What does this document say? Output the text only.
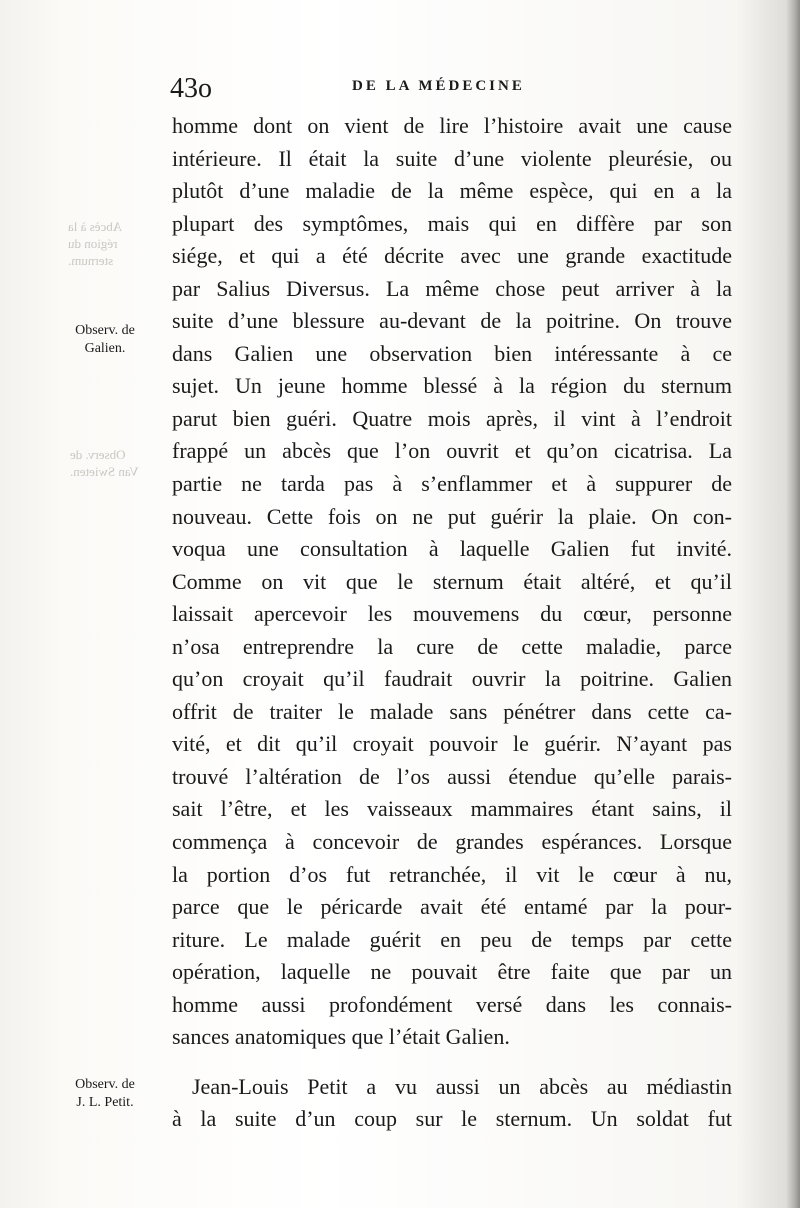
Abcès à la
région du
sternum.
Observ. de
Van Swieten.
43o	DE LA MÉDECINE
Observ. de
Galien.
Observ. de
J. L. Petit.
homme dont on vient de lire l’histoire avait une cause
intérieure. Il était la suite d’une violente pleurésie, ou
plutôt d’une maladie de la même espèce, qui en a la
plupart des symptômes, mais qui en diffère par son
siége, et qui a été décrite avec une grande exactitude
par Salius Diversus. La même chose peut arriver à la
suite d’une blessure au-devant de la poitrine. On trouve
dans Galien une observation bien intéressante à ce
sujet. Un jeune homme blessé à la région du sternum
parut bien guéri. Quatre mois après, il vint à l’endroit
frappé un abcès que l’on ouvrit et qu’on cicatrisa. La
partie ne tarda pas à s’enflammer et à suppurer de
nouveau. Cette fois on ne put guérir la plaie. On con-
voqua une consultation à laquelle Galien fut invité.
Comme on vit que le sternum était altéré, et qu’il
laissait apercevoir les mouvemens du cœur, personne
n’osa entreprendre la cure de cette maladie, parce
qu’on croyait qu’il faudrait ouvrir la poitrine. Galien
offrit de traiter le malade sans pénétrer dans cette ca-
vité, et dit qu’il croyait pouvoir le guérir. N’ayant pas
trouvé l’altération de l’os aussi étendue qu’elle parais-
sait l’être, et les vaisseaux mammaires étant sains, il
commença à concevoir de grandes espérances. Lorsque
la portion d’os fut retranchée, il vit le cœur à nu,
parce que le péricarde avait été entamé par la pour-
riture. Le malade guérit en peu de temps par cette
opération, laquelle ne pouvait être faite que par un
homme aussi profondément versé dans les connais-
sances anatomiques que l’était Galien.
Jean-Louis Petit a vu aussi un abcès au médiastin
à la suite d’un coup sur le sternum. Un soldat fut
